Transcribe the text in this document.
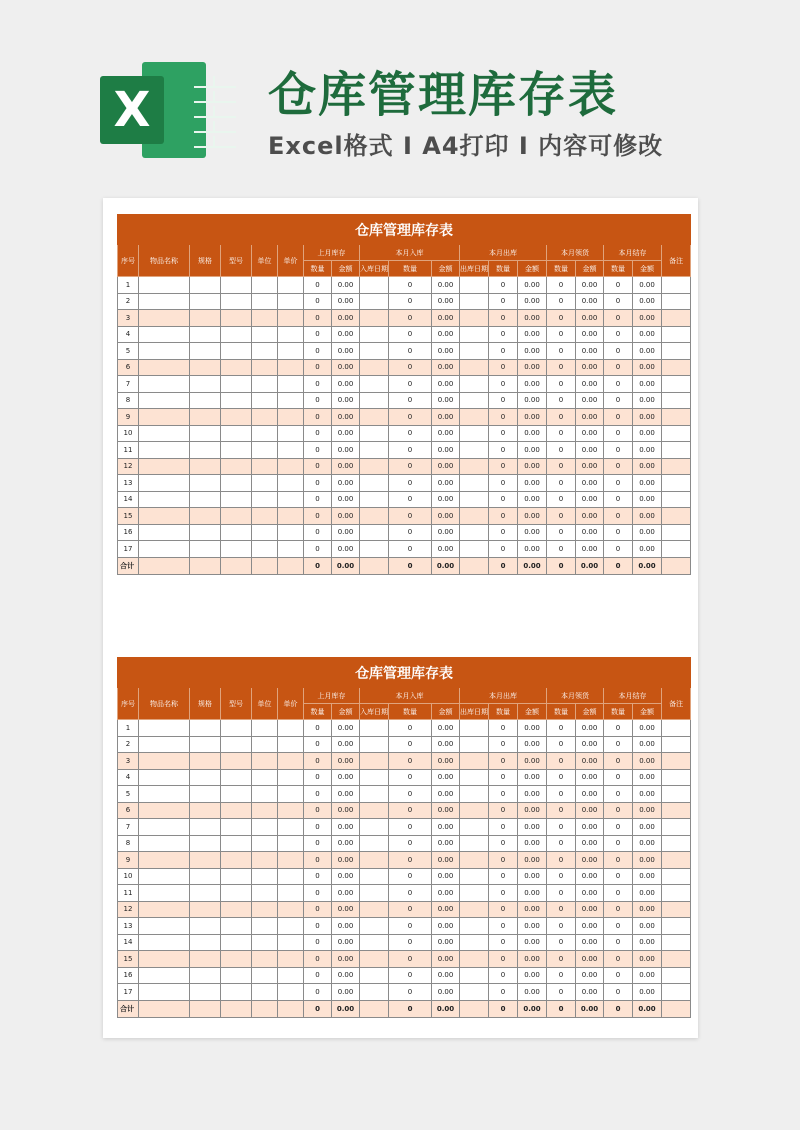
X 仓库管理库存表
Excel格式 I A4打印 I 内容可修改
仓库管理库存表																		
序号	物品名称	规格	型号	单位	单价	上月库存		本月入库			本月出库			本月领货		本月结存		备注
						数量	金额	入库日期	数量	金额	出库日期	数量	金额	数量	金额	数量	金额	
1						0	0.00		0	0.00		0	0.00	0	0.00	0	0.00	
2						0	0.00		0	0.00		0	0.00	0	0.00	0	0.00	
3						0	0.00		0	0.00		0	0.00	0	0.00	0	0.00	
4						0	0.00		0	0.00		0	0.00	0	0.00	0	0.00	
5						0	0.00		0	0.00		0	0.00	0	0.00	0	0.00	
6						0	0.00		0	0.00		0	0.00	0	0.00	0	0.00	
7						0	0.00		0	0.00		0	0.00	0	0.00	0	0.00	
8						0	0.00		0	0.00		0	0.00	0	0.00	0	0.00	
9						0	0.00		0	0.00		0	0.00	0	0.00	0	0.00	
10						0	0.00		0	0.00		0	0.00	0	0.00	0	0.00	
11						0	0.00		0	0.00		0	0.00	0	0.00	0	0.00	
12						0	0.00		0	0.00		0	0.00	0	0.00	0	0.00	
13						0	0.00		0	0.00		0	0.00	0	0.00	0	0.00	
14						0	0.00		0	0.00		0	0.00	0	0.00	0	0.00	
15						0	0.00		0	0.00		0	0.00	0	0.00	0	0.00	
16						0	0.00		0	0.00		0	0.00	0	0.00	0	0.00	
17						0	0.00		0	0.00		0	0.00	0	0.00	0	0.00	
合计						0	0.00		0	0.00		0	0.00	0	0.00	0	0.00	
仓库管理库存表																		
序号	物品名称	规格	型号	单位	单价	上月库存		本月入库			本月出库			本月领货		本月结存		备注
						数量	金额	入库日期	数量	金额	出库日期	数量	金额	数量	金额	数量	金额	
1						0	0.00		0	0.00		0	0.00	0	0.00	0	0.00	
2						0	0.00		0	0.00		0	0.00	0	0.00	0	0.00	
3						0	0.00		0	0.00		0	0.00	0	0.00	0	0.00	
4						0	0.00		0	0.00		0	0.00	0	0.00	0	0.00	
5						0	0.00		0	0.00		0	0.00	0	0.00	0	0.00	
6						0	0.00		0	0.00		0	0.00	0	0.00	0	0.00	
7						0	0.00		0	0.00		0	0.00	0	0.00	0	0.00	
8						0	0.00		0	0.00		0	0.00	0	0.00	0	0.00	
9						0	0.00		0	0.00		0	0.00	0	0.00	0	0.00	
10						0	0.00		0	0.00		0	0.00	0	0.00	0	0.00	
11						0	0.00		0	0.00		0	0.00	0	0.00	0	0.00	
12						0	0.00		0	0.00		0	0.00	0	0.00	0	0.00	
13						0	0.00		0	0.00		0	0.00	0	0.00	0	0.00	
14						0	0.00		0	0.00		0	0.00	0	0.00	0	0.00	
15						0	0.00		0	0.00		0	0.00	0	0.00	0	0.00	
16						0	0.00		0	0.00		0	0.00	0	0.00	0	0.00	
17						0	0.00		0	0.00		0	0.00	0	0.00	0	0.00	
合计						0	0.00		0	0.00		0	0.00	0	0.00	0	0.00	
